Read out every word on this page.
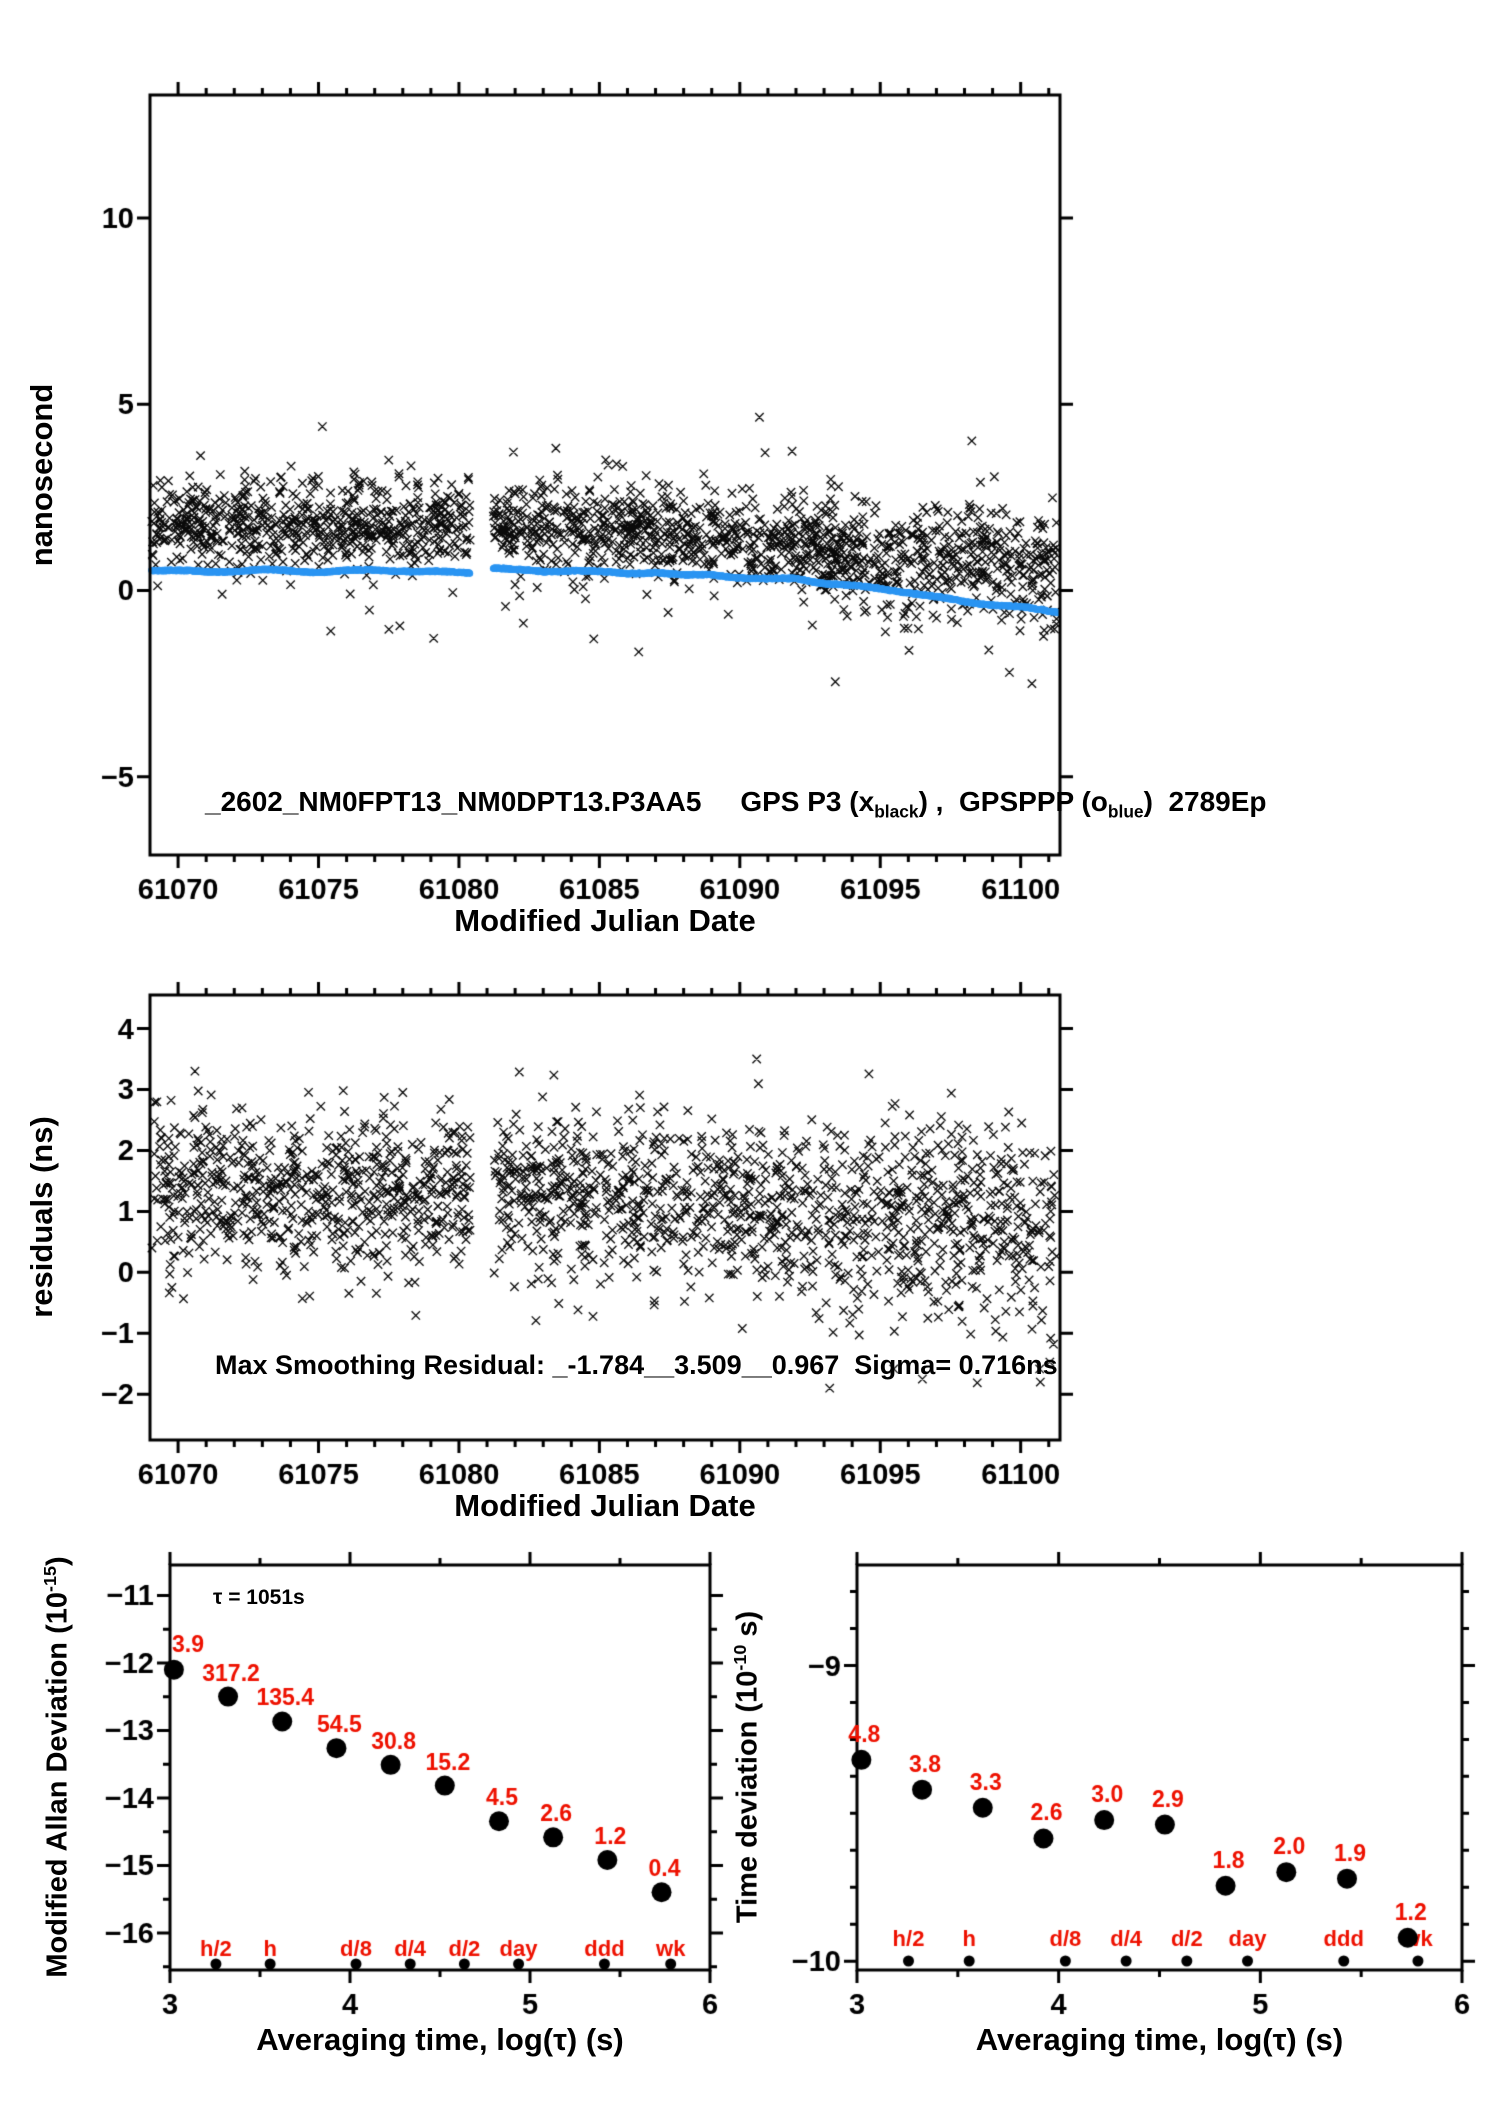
_2602_NM0FPT13_NM0DPT13.P3AA5     GPS P3 $(x_{black})$ ,  GPSPPP $(o_{blue})$  2789Ep
Max Smoothing Residual: _-1.784__3.509__0.967  Sigma= 0.716ns
τ = 1051s
Modified Julian Date
Modified Julian Date
nanosecond
residuals (ns)
Averaging time, log(τ) (s)	Averaging time, log(τ) (s)
Modified Allan Deviation $(10^{-15})$
Time deviation ($10^{-10}$ s)
